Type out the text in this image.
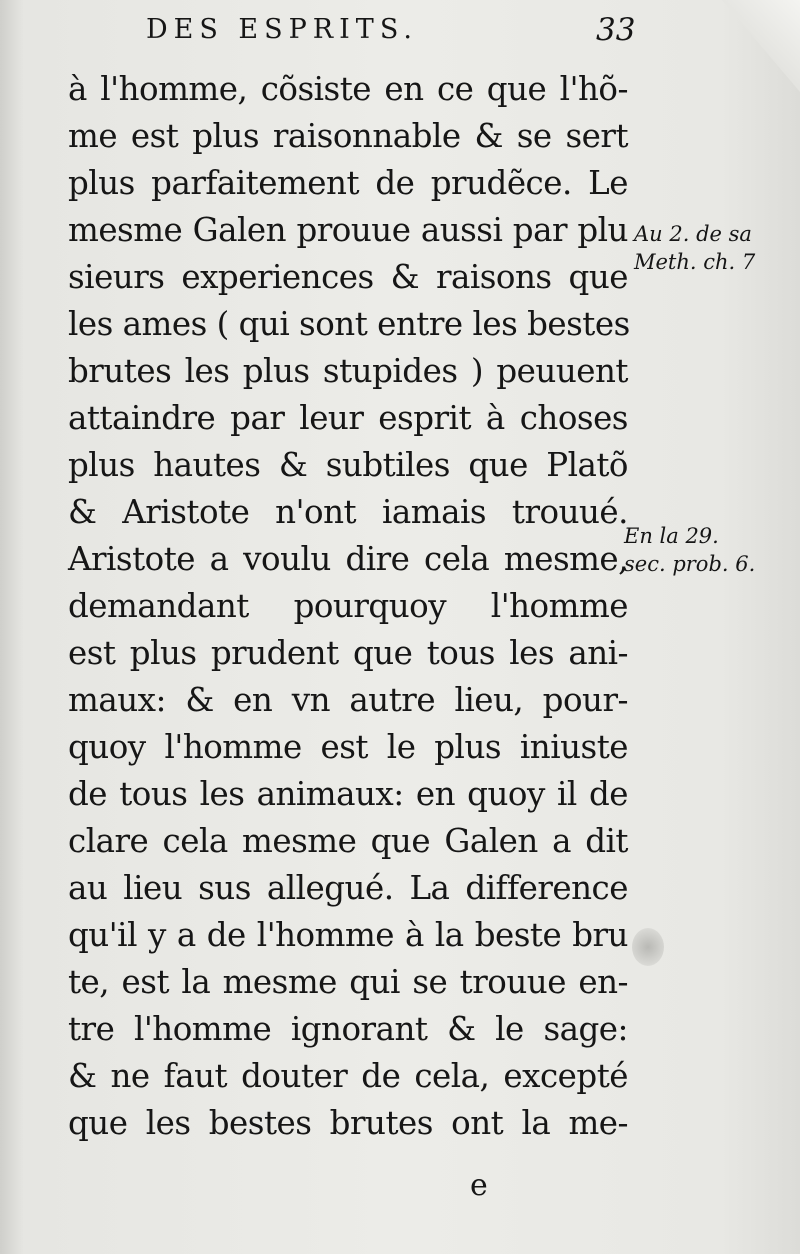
DES ESPRITS.	33
à l'homme, cõsiste en ce que l'hõ-
me est plus raisonnable & se sert
plus parfaitement de prudẽce. Le
mesme Galen prouue aussi par plu
sieurs experiences & raisons que
les ames ( qui sont entre les bestes
brutes les plus stupides ) peuuent
attaindre par leur esprit à choses
plus hautes & subtiles que Platõ
& Aristote n'ont iamais trouué.
Aristote a voulu dire cela mesme,
demandant pourquoy l'homme
est plus prudent que tous les ani-
maux: & en vn autre lieu, pour-
quoy l'homme est le plus iniuste
de tous les animaux: en quoy il de
clare cela mesme que Galen a dit
au lieu sus allegué. La difference
qu'il y a de l'homme à la beste bru
te, est la mesme qui se trouue en-
tre l'homme ignorant & le sage:
& ne faut douter de cela, excepté
que les bestes brutes ont la me-
Au 2. de sa
Meth. ch. 7
En la 29.
sec. prob. 6.
e
